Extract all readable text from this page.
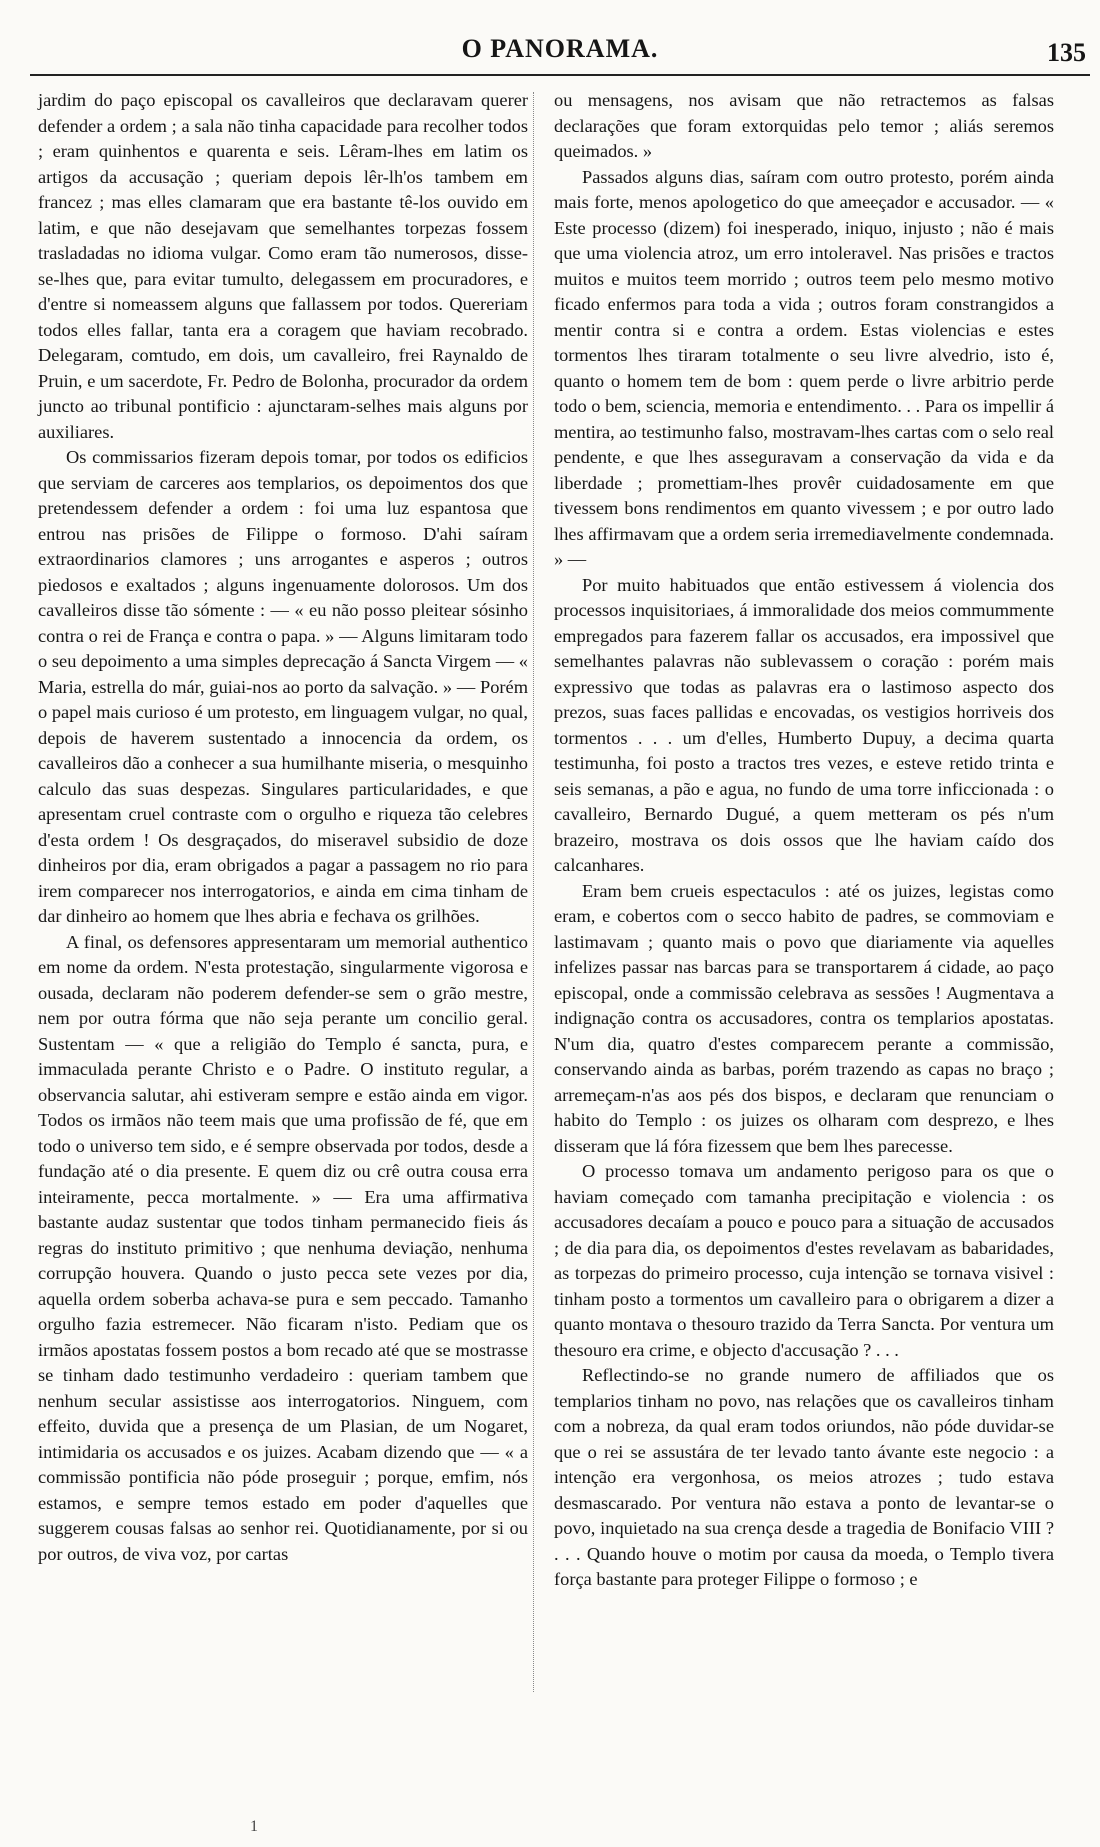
O PANORAMA.	135

jardim do paço episcopal os cavalleiros que declaravam querer defender a ordem ; a sala não tinha capacidade para recolher todos ; eram quinhentos e quarenta e seis. Lêram-lhes em latim os artigos da accusação ; queriam depois lêr-lh'os tambem em francez ; mas elles clamaram que era bastante tê-los ouvido em latim, e que não desejavam que semelhantes torpezas fossem trasladadas no idioma vulgar. Como eram tão numerosos, disse-se-lhes que, para evitar tumulto, delegassem em procuradores, e d'entre si nomeassem alguns que fallassem por todos. Quereriam todos elles fallar, tanta era a coragem que haviam recobrado. Delegaram, comtudo, em dois, um cavalleiro, frei Raynaldo de Pruin, e um sacerdote, Fr. Pedro de Bolonha, procurador da ordem juncto ao tribunal pontificio : ajunctaram-selhes mais alguns por auxiliares.

Os commissarios fizeram depois tomar, por todos os edificios que serviam de carceres aos templarios, os depoimentos dos que pretendessem defender a ordem : foi uma luz espantosa que entrou nas prisões de Filippe o formoso. D'ahi saíram extraordinarios clamores ; uns arrogantes e asperos ; outros piedosos e exaltados ; alguns ingenuamente dolorosos. Um dos cavalleiros disse tão sómente : — « eu não posso pleitear sósinho contra o rei de França e contra o papa. » — Alguns limitaram todo o seu depoimento a uma simples deprecação á Sancta Virgem — « Maria, estrella do már, guiai-nos ao porto da salvação. » — Porém o papel mais curioso é um protesto, em linguagem vulgar, no qual, depois de haverem sustentado a innocencia da ordem, os cavalleiros dão a conhecer a sua humilhante miseria, o mesquinho calculo das suas despezas. Singulares particularidades, e que apresentam cruel contraste com o orgulho e riqueza tão celebres d'esta ordem ! Os desgraçados, do miseravel subsidio de doze dinheiros por dia, eram obrigados a pagar a passagem no rio para irem comparecer nos interrogatorios, e ainda em cima tinham de dar dinheiro ao homem que lhes abria e fechava os grilhões.

A final, os defensores appresentaram um memorial authentico em nome da ordem. N'esta protestação, singularmente vigorosa e ousada, declaram não poderem defender-se sem o grão mestre, nem por outra fórma que não seja perante um concilio geral. Sustentam — « que a religião do Templo é sancta, pura, e immaculada perante Christo e o Padre. O instituto regular, a observancia salutar, ahi estiveram sempre e estão ainda em vigor. Todos os irmãos não teem mais que uma profissão de fé, que em todo o universo tem sido, e é sempre observada por todos, desde a fundação até o dia presente. E quem diz ou crê outra cousa erra inteiramente, pecca mortalmente. » — Era uma affirmativa bastante audaz sustentar que todos tinham permanecido fieis ás regras do instituto primitivo ; que nenhuma deviação, nenhuma corrupção houvera. Quando o justo pecca sete vezes por dia, aquella ordem soberba achava-se pura e sem peccado. Tamanho orgulho fazia estremecer. Não ficaram n'isto. Pediam que os irmãos apostatas fossem postos a bom recado até que se mostrasse se tinham dado testimunho verdadeiro : queriam tambem que nenhum secular assistisse aos interrogatorios. Ninguem, com effeito, duvida que a presença de um Plasian, de um Nogaret, intimidaria os accusados e os juizes. Acabam dizendo que — « a commissão pontificia não póde proseguir ; porque, emfim, nós estamos, e sempre temos estado em poder d'aquelles que suggerem cousas falsas ao senhor rei. Quotidianamente, por si ou por outros, de viva voz, por cartas

ou mensagens, nos avisam que não retractemos as falsas declarações que foram extorquidas pelo temor ; aliás seremos queimados. »

Passados alguns dias, saíram com outro protesto, porém ainda mais forte, menos apologetico do que ameeçador e accusador. — « Este processo (dizem) foi inesperado, iniquo, injusto ; não é mais que uma violencia atroz, um erro intoleravel. Nas prisões e tractos muitos e muitos teem morrido ; outros teem pelo mesmo motivo ficado enfermos para toda a vida ; outros foram constrangidos a mentir contra si e contra a ordem. Estas violencias e estes tormentos lhes tiraram totalmente o seu livre alvedrio, isto é, quanto o homem tem de bom : quem perde o livre arbitrio perde todo o bem, sciencia, memoria e entendimento. . . Para os impellir á mentira, ao testimunho falso, mostravam-lhes cartas com o selo real pendente, e que lhes asseguravam a conservação da vida e da liberdade ; promettiam-lhes provêr cuidadosamente em que tivessem bons rendimentos em quanto vivessem ; e por outro lado lhes affirmavam que a ordem seria irremediavelmente condemnada. » —

Por muito habituados que então estivessem á violencia dos processos inquisitoriaes, á immoralidade dos meios commummente empregados para fazerem fallar os accusados, era impossivel que semelhantes palavras não sublevassem o coração : porém mais expressivo que todas as palavras era o lastimoso aspecto dos prezos, suas faces pallidas e encovadas, os vestigios horriveis dos tormentos . . . um d'elles, Humberto Dupuy, a decima quarta testimunha, foi posto a tractos tres vezes, e esteve retido trinta e seis semanas, a pão e agua, no fundo de uma torre inficcionada : o cavalleiro, Bernardo Dugué, a quem metteram os pés n'um brazeiro, mostrava os dois ossos que lhe haviam caído dos calcanhares.

Eram bem crueis espectaculos : até os juizes, legistas como eram, e cobertos com o secco habito de padres, se commoviam e lastimavam ; quanto mais o povo que diariamente via aquelles infelizes passar nas barcas para se transportarem á cidade, ao paço episcopal, onde a commissão celebrava as sessões ! Augmentava a indignação contra os accusadores, contra os templarios apostatas. N'um dia, quatro d'estes comparecem perante a commissão, conservando ainda as barbas, porém trazendo as capas no braço ; arremeçam-n'as aos pés dos bispos, e declaram que renunciam o habito do Templo : os juizes os olharam com desprezo, e lhes disseram que lá fóra fizessem que bem lhes parecesse.

O processo tomava um andamento perigoso para os que o haviam começado com tamanha precipitação e violencia : os accusadores decaíam a pouco e pouco para a situação de accusados ; de dia para dia, os depoimentos d'estes revelavam as babaridades, as torpezas do primeiro processo, cuja intenção se tornava visivel : tinham posto a tormentos um cavalleiro para o obrigarem a dizer a quanto montava o thesouro trazido da Terra Sancta. Por ventura um thesouro era crime, e objecto d'accusação ? . . .

Reflectindo-se no grande numero de affiliados que os templarios tinham no povo, nas relações que os cavalleiros tinham com a nobreza, da qual eram todos oriundos, não póde duvidar-se que o rei se assustára de ter levado tanto ávante este negocio : a intenção era vergonhosa, os meios atrozes ; tudo estava desmascarado. Por ventura não estava a ponto de levantar-se o povo, inquietado na sua crença desde a tragedia de Bonifacio VIII ? . . . Quando houve o motim por causa da moeda, o Templo tivera força bastante para proteger Filippe o formoso ; e

1
